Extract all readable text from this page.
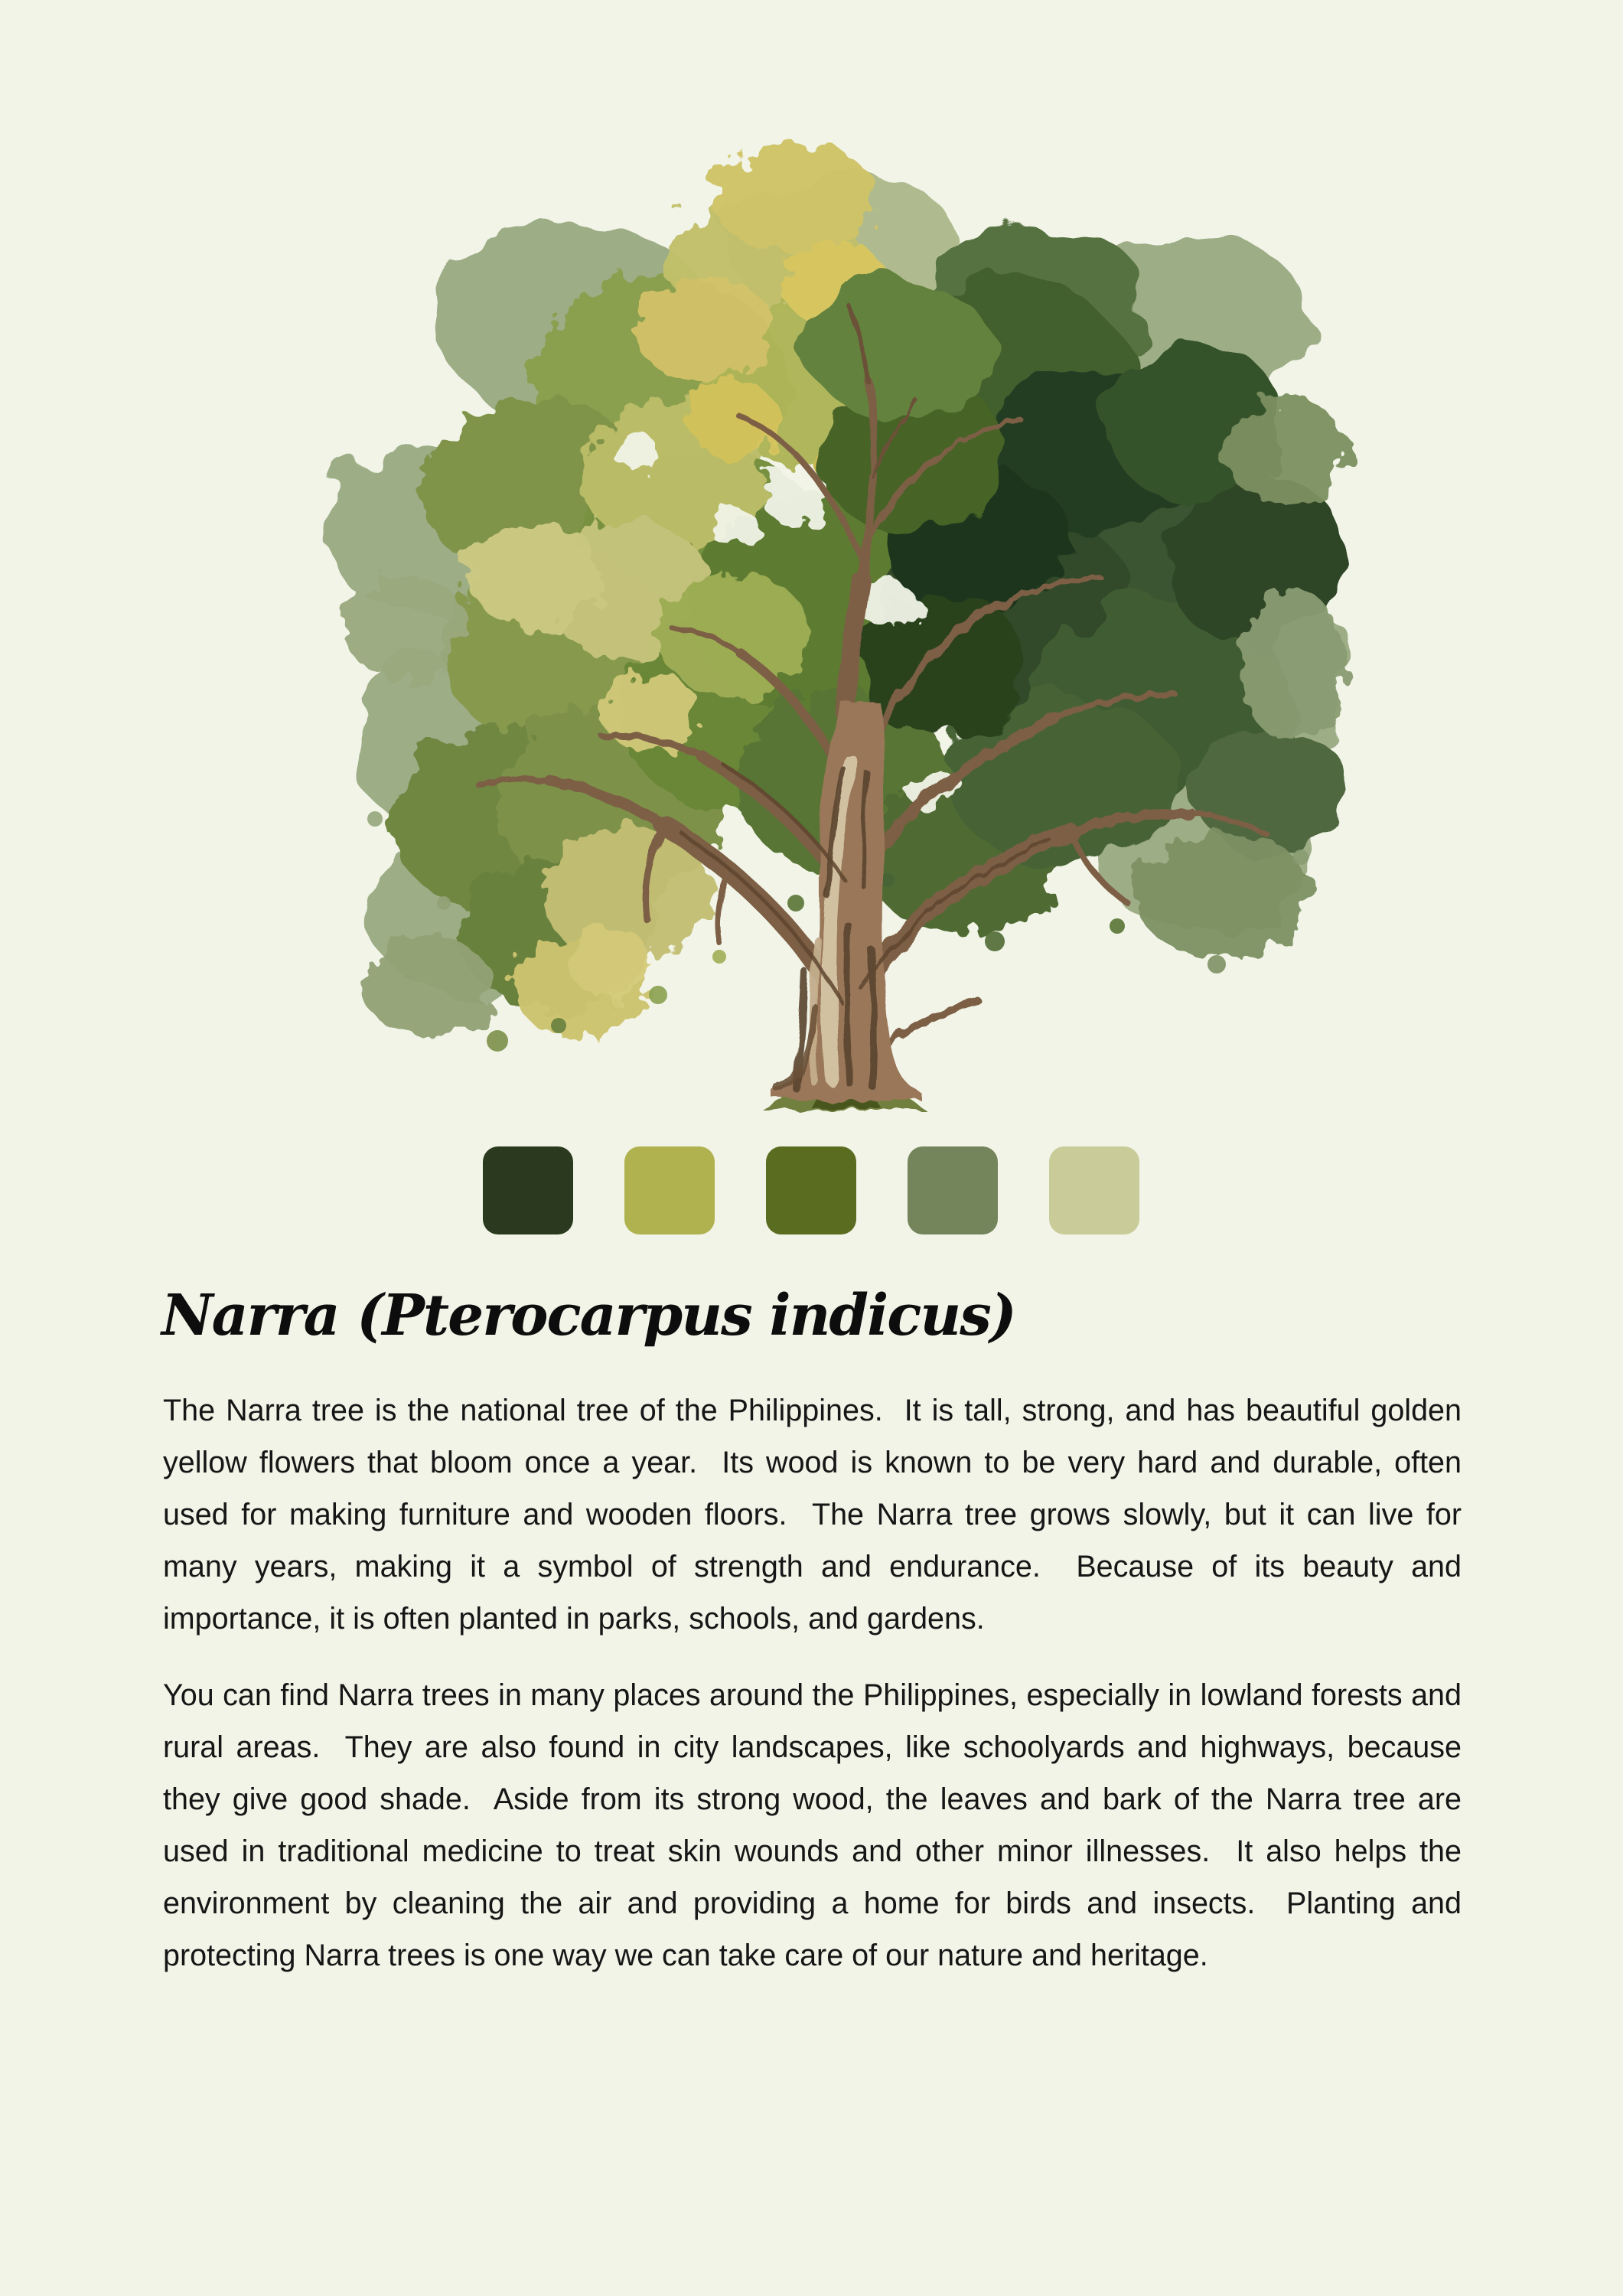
Narra (Pterocarpus indicus)

The Narra tree is the national tree of the Philippines.  It is tall, strong, and has beautiful golden yellow flowers that bloom once a year.  Its wood is known to be very hard and durable, often used for making furniture and wooden floors.  The Narra tree grows slowly, but it can live for many years, making it a symbol of strength and endurance.  Because of its beauty and importance, it is often planted in parks, schools, and gardens.

You can find Narra trees in many places around the Philippines, especially in lowland forests and rural areas.  They are also found in city landscapes, like schoolyards and highways, because they give good shade.  Aside from its strong wood, the leaves and bark of the Narra tree are used in traditional medicine to treat skin wounds and other minor illnesses.  It also helps the environment by cleaning the air and providing a home for birds and insects.  Planting and protecting Narra trees is one way we can take care of our nature and heritage.
